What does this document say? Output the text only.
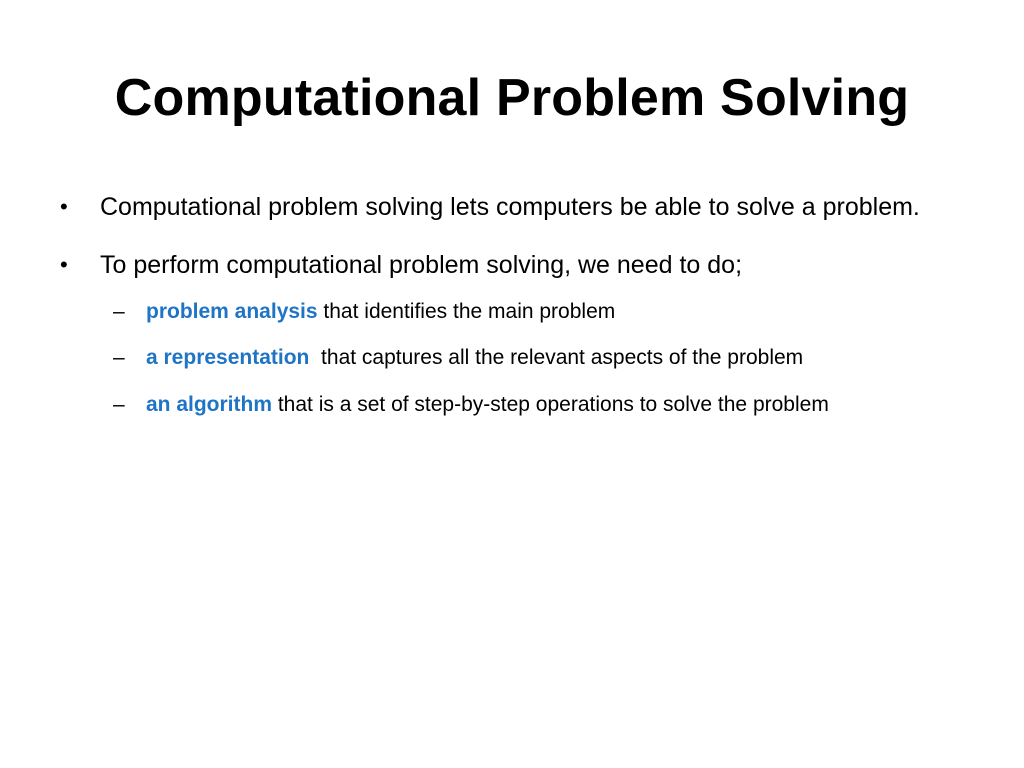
Computational Problem Solving
• Computational problem solving lets computers be able to solve a problem.
• To perform computational problem solving, we need to do;
– problem analysis that identifies the main problem
– a representation  that captures all the relevant aspects of the problem
– an algorithm that is a set of step-by-step operations to solve the problem
